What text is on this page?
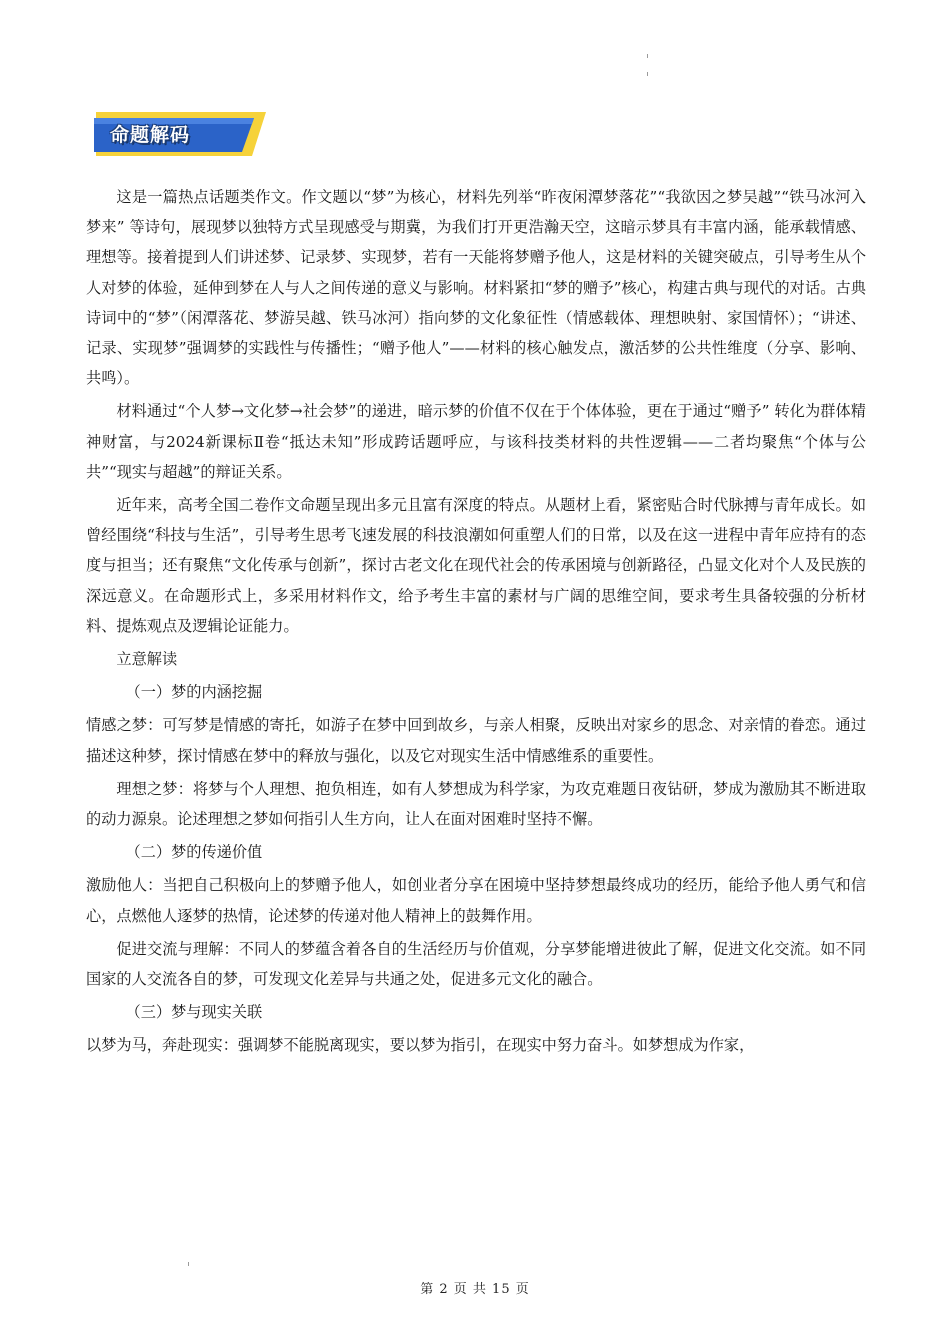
命题解码

这是一篇热点话题类作文。作文题以“梦”为核心，材料先列举“昨夜闲潭梦落花”“我欲因之梦吴越”“铁马冰河入梦来” 等诗句，展现梦以独特方式呈现感受与期冀，为我们打开更浩瀚天空，这暗示梦具有丰富内涵，能承载情感、理想等。接着提到人们讲述梦、记录梦、实现梦，若有一天能将梦赠予他人，这是材料的关键突破点，引导考生从个人对梦的体验，延伸到梦在人与人之间传递的意义与影响。材料紧扣“梦的赠予”核心，构建古典与现代的对话。古典诗词中的“梦”（闲潭落花、梦游吴越、铁马冰河）指向梦的文化象征性（情感载体、理想映射、家国情怀）；“讲述、记录、实现梦”强调梦的实践性与传播性；“赠予他人”——材料的核心触发点，激活梦的公共性维度（分享、影响、共鸣）。

材料通过“个人梦→文化梦→社会梦”的递进，暗示梦的价值不仅在于个体体验，更在于通过“赠予” 转化为群体精神财富，与2024新课标Ⅱ卷“抵达未知”形成跨话题呼应，与该科技类材料的共性逻辑——二者均聚焦“个体与公共”“现实与超越”的辩证关系。

近年来，高考全国二卷作文命题呈现出多元且富有深度的特点。从题材上看，紧密贴合时代脉搏与青年成长。如曾经围绕“科技与生活”，引导考生思考飞速发展的科技浪潮如何重塑人们的日常，以及在这一进程中青年应持有的态度与担当；还有聚焦“文化传承与创新”，探讨古老文化在现代社会的传承困境与创新路径，凸显文化对个人及民族的深远意义。在命题形式上，多采用材料作文，给予考生丰富的素材与广阔的思维空间，要求考生具备较强的分析材料、提炼观点及逻辑论证能力。

立意解读

（一）梦的内涵挖掘

情感之梦：可写梦是情感的寄托，如游子在梦中回到故乡，与亲人相聚，反映出对家乡的思念、对亲情的眷恋。通过描述这种梦，探讨情感在梦中的释放与强化，以及它对现实生活中情感维系的重要性。

理想之梦：将梦与个人理想、抱负相连，如有人梦想成为科学家，为攻克难题日夜钻研，梦成为激励其不断进取的动力源泉。论述理想之梦如何指引人生方向，让人在面对困难时坚持不懈。

（二）梦的传递价值

激励他人：当把自己积极向上的梦赠予他人，如创业者分享在困境中坚持梦想最终成功的经历，能给予他人勇气和信心，点燃他人逐梦的热情，论述梦的传递对他人精神上的鼓舞作用。

促进交流与理解：不同人的梦蕴含着各自的生活经历与价值观，分享梦能增进彼此了解，促进文化交流。如不同国家的人交流各自的梦，可发现文化差异与共通之处，促进多元文化的融合。

（三）梦与现实关联

以梦为马，奔赴现实：强调梦不能脱离现实，要以梦为指引，在现实中努力奋斗。如梦想成为作家，

第 2 页 共 15 页
